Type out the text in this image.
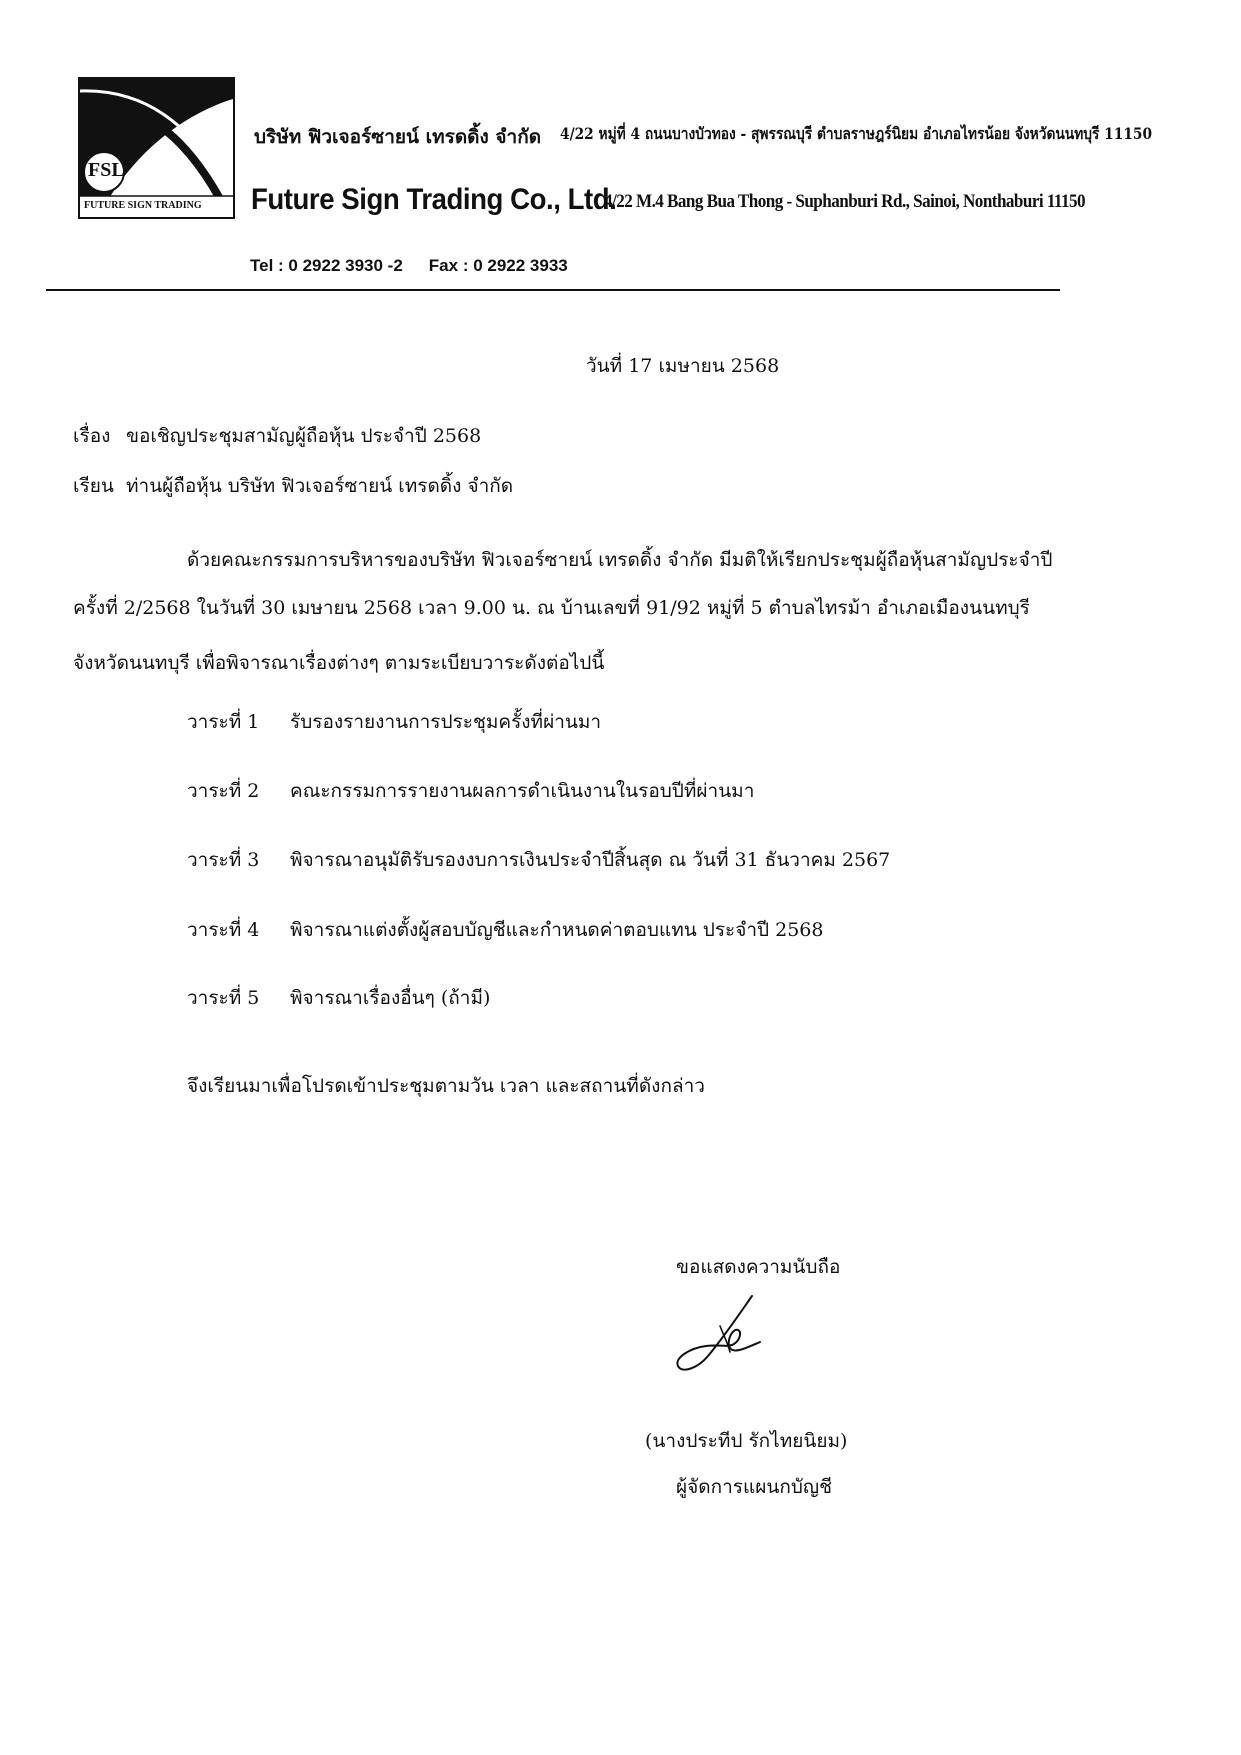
FSL
FUTURE SIGN TRADING
บริษัท ฟิวเจอร์ซายน์ เทรดดิ้ง จำกัด 4/22 หมู่ที่ 4 ถนนบางบัวทอง - สุพรรณบุรี ตำบลราษฎร์นิยม อำเภอไทรน้อย จังหวัดนนทบุรี 11150
Future Sign Trading Co., Ltd.
4/22 M.4 Bang Bua Thong - Suphanburi Rd., Sainoi, Nonthaburi 11150
Tel : 0 2922 3930 -2 Fax : 0 2922 3933
วันที่ 17 เมษายน 2568
เรื่อง ขอเชิญประชุมสามัญผู้ถือหุ้น ประจำปี 2568
เรียน ท่านผู้ถือหุ้น บริษัท ฟิวเจอร์ซายน์ เทรดดิ้ง จำกัด
ด้วยคณะกรรมการบริหารของบริษัท ฟิวเจอร์ซายน์ เทรดดิ้ง จำกัด มีมติให้เรียกประชุมผู้ถือหุ้นสามัญประจำปี
ครั้งที่ 2/2568 ในวันที่ 30 เมษายน 2568 เวลา 9.00 น. ณ บ้านเลขที่ 91/92 หมู่ที่ 5 ตำบลไทรม้า อำเภอเมืองนนทบุรี
จังหวัดนนทบุรี เพื่อพิจารณาเรื่องต่างๆ ตามระเบียบวาระดังต่อไปนี้
วาระที่ 1 รับรองรายงานการประชุมครั้งที่ผ่านมา
วาระที่ 2 คณะกรรมการรายงานผลการดำเนินงานในรอบปีที่ผ่านมา
วาระที่ 3 พิจารณาอนุมัติรับรองงบการเงินประจำปีสิ้นสุด ณ วันที่ 31 ธันวาคม 2567
วาระที่ 4 พิจารณาแต่งตั้งผู้สอบบัญชีและกำหนดค่าตอบแทน ประจำปี 2568
วาระที่ 5 พิจารณาเรื่องอื่นๆ (ถ้ามี)
จึงเรียนมาเพื่อโปรดเข้าประชุมตามวัน เวลา และสถานที่ดังกล่าว
ขอแสดงความนับถือ
(นางประทีป รักไทยนิยม)
ผู้จัดการแผนกบัญชี
